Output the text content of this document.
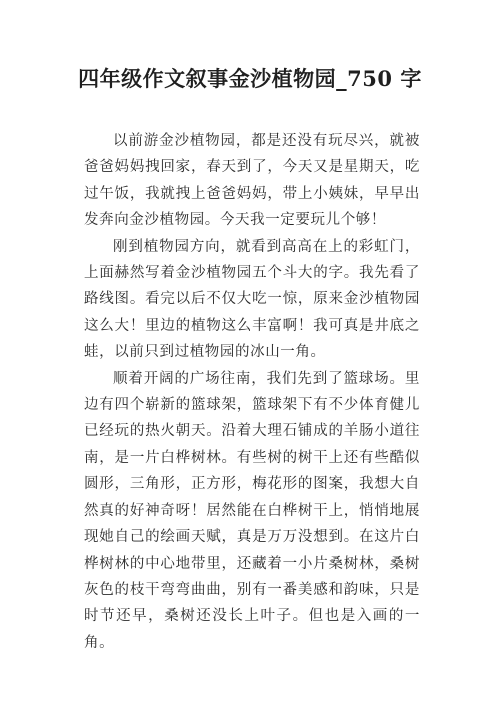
四年级作文叙事金沙植物园_750 字

以前游金沙植物园，都是还没有玩尽兴，就被爸爸妈妈拽回家，春天到了，今天又是星期天，吃过午饭，我就拽上爸爸妈妈，带上小姨妹，早早出发奔向金沙植物园。今天我一定要玩儿个够！

刚到植物园方向，就看到高高在上的彩虹门，上面赫然写着金沙植物园五个斗大的字。我先看了路线图。看完以后不仅大吃一惊，原来金沙植物园这么大！里边的植物这么丰富啊！我可真是井底之蛙，以前只到过植物园的冰山一角。

顺着开阔的广场往南，我们先到了篮球场。里边有四个崭新的篮球架，篮球架下有不少体育健儿已经玩的热火朝天。沿着大理石铺成的羊肠小道往南，是一片白桦树林。有些树的树干上还有些酷似圆形，三角形，正方形，梅花形的图案，我想大自然真的好神奇呀！居然能在白桦树干上，悄悄地展现她自己的绘画天赋，真是万万没想到。在这片白桦树林的中心地带里，还藏着一小片桑树林，桑树灰色的枝干弯弯曲曲，别有一番美感和韵味，只是时节还早，桑树还没长上叶子。但也是入画的一角。
